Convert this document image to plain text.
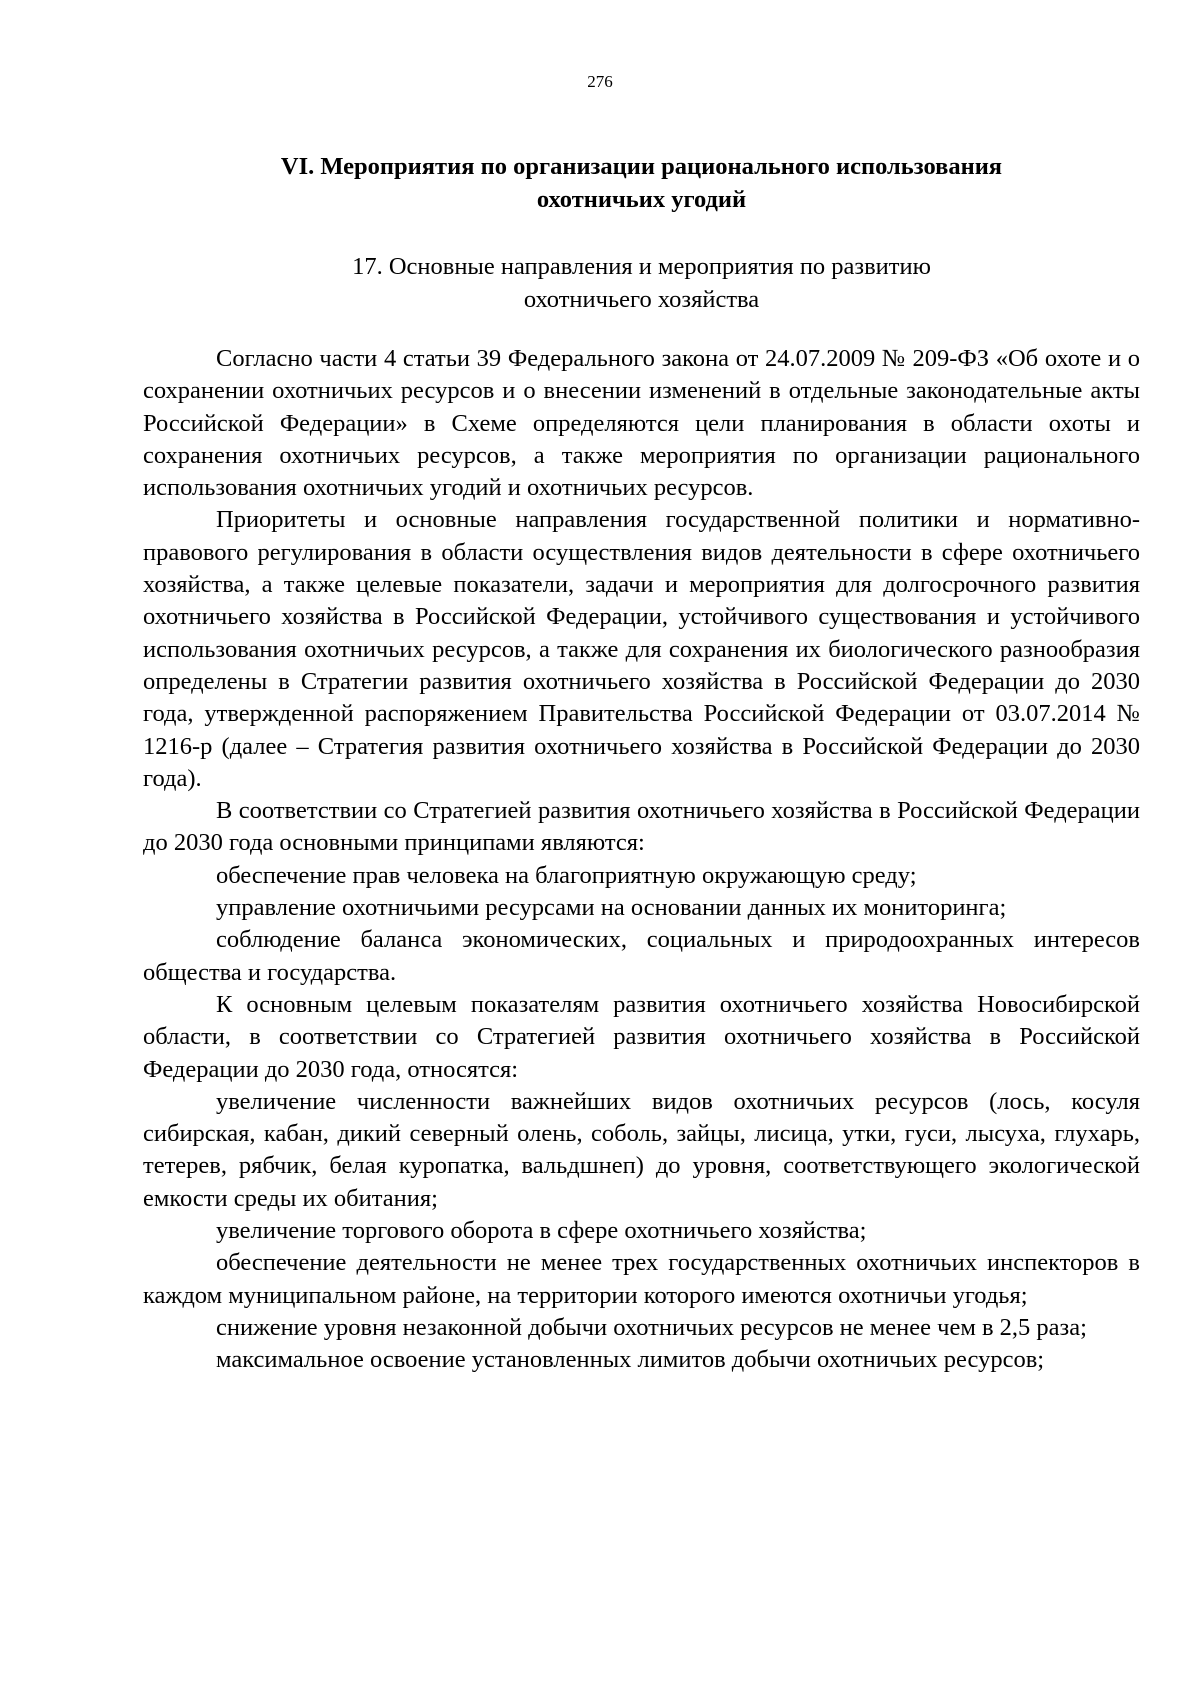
276
VI. Мероприятия по организации рационального использования
охотничьих угодий
17. Основные направления и мероприятия по развитию
охотничьего хозяйства

Согласно части 4 статьи 39 Федерального закона от 24.07.2009 № 209-ФЗ «Об охоте и о сохранении охотничьих ресурсов и о внесении изменений в отдельные законодательные акты Российской Федерации» в Схеме определяются цели планирования в области охоты и сохранения охотничьих ресурсов, а также мероприятия по организации рационального использования охотничьих угодий и охотничьих ресурсов.

Приоритеты и основные направления государственной политики и нормативно-правового регулирования в области осуществления видов деятельности в сфере охотничьего хозяйства, а также целевые показатели, задачи и мероприятия для долгосрочного развития охотничьего хозяйства в Российской Федерации, устойчивого существования и устойчивого использования охотничьих ресурсов, а также для сохранения их биологического разнообразия определены в Стратегии развития охотничьего хозяйства в Российской Федерации до 2030 года, утвержденной распоряжением Правительства Российской Федерации от 03.07.2014 № 1216-р (далее – Стратегия развития охотничьего хозяйства в Российской Федерации до 2030 года).

В соответствии со Стратегией развития охотничьего хозяйства в Российской Федерации до 2030 года основными принципами являются:

обеспечение прав человека на благоприятную окружающую среду;

управление охотничьими ресурсами на основании данных их мониторинга;

соблюдение баланса экономических, социальных и природоохранных интересов общества и государства.

К основным целевым показателям развития охотничьего хозяйства Новосибирской области, в соответствии со Стратегией развития охотничьего хозяйства в Российской Федерации до 2030 года, относятся:

увеличение численности важнейших видов охотничьих ресурсов (лось, косуля сибирская, кабан, дикий северный олень, соболь, зайцы, лисица, утки, гуси, лысуха, глухарь, тетерев, рябчик, белая куропатка, вальдшнеп) до уровня, соответствующего экологической емкости среды их обитания;

увеличение торгового оборота в сфере охотничьего хозяйства;

обеспечение деятельности не менее трех государственных охотничьих инспекторов в каждом муниципальном районе, на территории которого имеются охотничьи угодья;

снижение уровня незаконной добычи охотничьих ресурсов не менее чем в 2,5 раза;

максимальное освоение установленных лимитов добычи охотничьих ресурсов;
